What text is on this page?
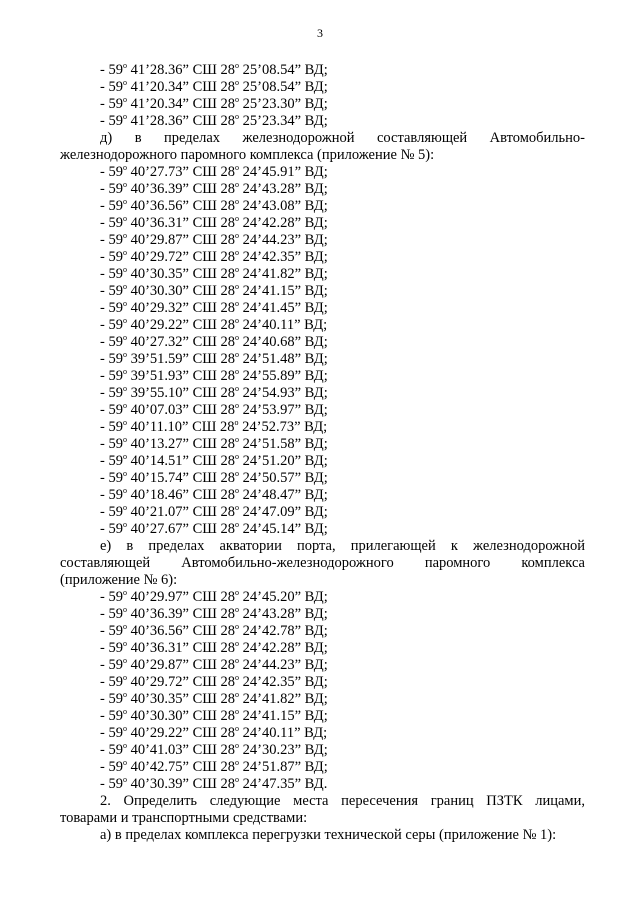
3
- 59$^o$ 41’28.36” СШ 28$^o$ 25’08.54” ВД;
- 59$^o$ 41’20.34” СШ 28$^o$ 25’08.54” ВД;
- 59$^o$ 41’20.34” СШ 28$^o$ 25’23.30” ВД;
- 59$^o$ 41’28.36” СШ 28$^o$ 25’23.34” ВД;

д) в пределах железнодорожной составляющей Автомобильно-

железнодорожного паромного комплекса (приложение № 5):

- 59$^o$ 40’27.73” СШ 28$^o$ 24’45.91” ВД;
- 59$^o$ 40’36.39” СШ 28$^o$ 24’43.28” ВД;
- 59$^o$ 40’36.56” СШ 28$^o$ 24’43.08” ВД;
- 59$^o$ 40’36.31” СШ 28$^o$ 24’42.28” ВД;
- 59$^o$ 40’29.87” СШ 28$^o$ 24’44.23” ВД;
- 59$^o$ 40’29.72” СШ 28$^o$ 24’42.35” ВД;
- 59$^o$ 40’30.35” СШ 28$^o$ 24’41.82” ВД;
- 59$^o$ 40’30.30” СШ 28$^o$ 24’41.15” ВД;
- 59$^o$ 40’29.32” СШ 28$^o$ 24’41.45” ВД;
- 59$^o$ 40’29.22” СШ 28$^o$ 24’40.11” ВД;
- 59$^o$ 40’27.32” СШ 28$^o$ 24’40.68” ВД;
- 59$^o$ 39’51.59” СШ 28$^o$ 24’51.48” ВД;
- 59$^o$ 39’51.93” СШ 28$^o$ 24’55.89” ВД;
- 59$^o$ 39’55.10” СШ 28$^o$ 24’54.93” ВД;
- 59$^o$ 40’07.03” СШ 28$^o$ 24’53.97” ВД;
- 59$^o$ 40’11.10” СШ 28$^o$ 24’52.73” ВД;
- 59$^o$ 40’13.27” СШ 28$^o$ 24’51.58” ВД;
- 59$^o$ 40’14.51” СШ 28$^o$ 24’51.20” ВД;
- 59$^o$ 40’15.74” СШ 28$^o$ 24’50.57” ВД;
- 59$^o$ 40’18.46” СШ 28$^o$ 24’48.47” ВД;
- 59$^o$ 40’21.07” СШ 28$^o$ 24’47.09” ВД;
- 59$^o$ 40’27.67” СШ 28$^o$ 24’45.14” ВД;

е) в пределах акватории порта, прилегающей к железнодорожной

составляющей Автомобильно-железнодорожного паромного комплекса

(приложение № 6):

- 59$^o$ 40’29.97” СШ 28$^o$ 24’45.20” ВД;
- 59$^o$ 40’36.39” СШ 28$^o$ 24’43.28” ВД;
- 59$^o$ 40’36.56” СШ 28$^o$ 24’42.78” ВД;
- 59$^o$ 40’36.31” СШ 28$^o$ 24’42.28” ВД;
- 59$^o$ 40’29.87” СШ 28$^o$ 24’44.23” ВД;
- 59$^o$ 40’29.72” СШ 28$^o$ 24’42.35” ВД;
- 59$^o$ 40’30.35” СШ 28$^o$ 24’41.82” ВД;
- 59$^o$ 40’30.30” СШ 28$^o$ 24’41.15” ВД;
- 59$^o$ 40’29.22” СШ 28$^o$ 24’40.11” ВД;
- 59$^o$ 40’41.03” СШ 28$^o$ 24’30.23” ВД;
- 59$^o$ 40’42.75” СШ 28$^o$ 24’51.87” ВД;
- 59$^o$ 40’30.39” СШ 28$^o$ 24’47.35” ВД.

2. Определить следующие места пересечения границ ПЗТК лицами,

товарами и транспортными средствами:

а) в пределах комплекса перегрузки технической серы (приложение № 1):
